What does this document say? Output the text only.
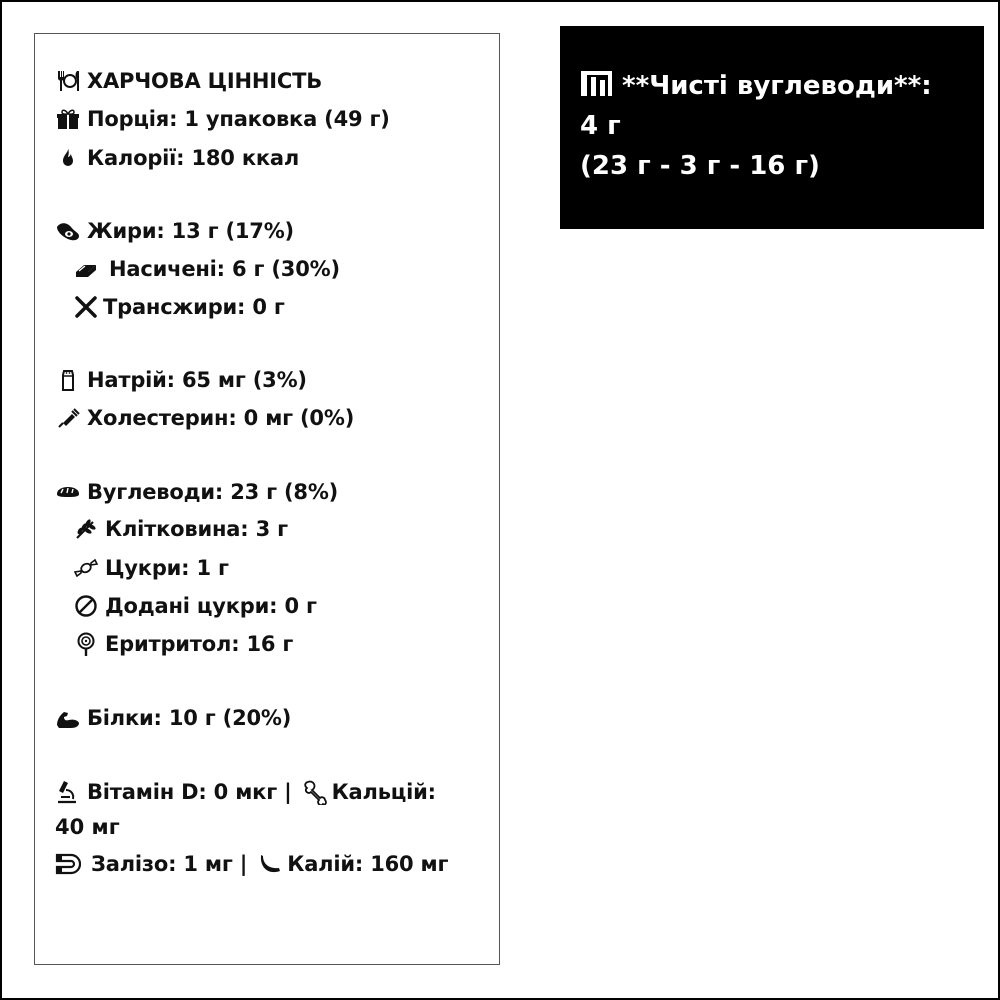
ХАРЧОВА ЦІННІСТЬ
Порція: 1 упаковка (49 г)
Калорії: 180 ккал
Жири: 13 г (17%)
Насичені: 6 г (30%)
Трансжири: 0 г
Натрій: 65 мг (3%)
Холестерин: 0 мг (0%)
Вуглеводи: 23 г (8%)
Клітковина: 3 г
Цукри: 1 г
Додані цукри: 0 г
Еритритол: 16 г
Білки: 10 г (20%)
Вітамін D: 0 мкг | Кальцій:
40 мг
Залізо: 1 мг | Калій: 160 мг
**Чисті вуглеводи**:
4 г
(23 г - 3 г - 16 г)
